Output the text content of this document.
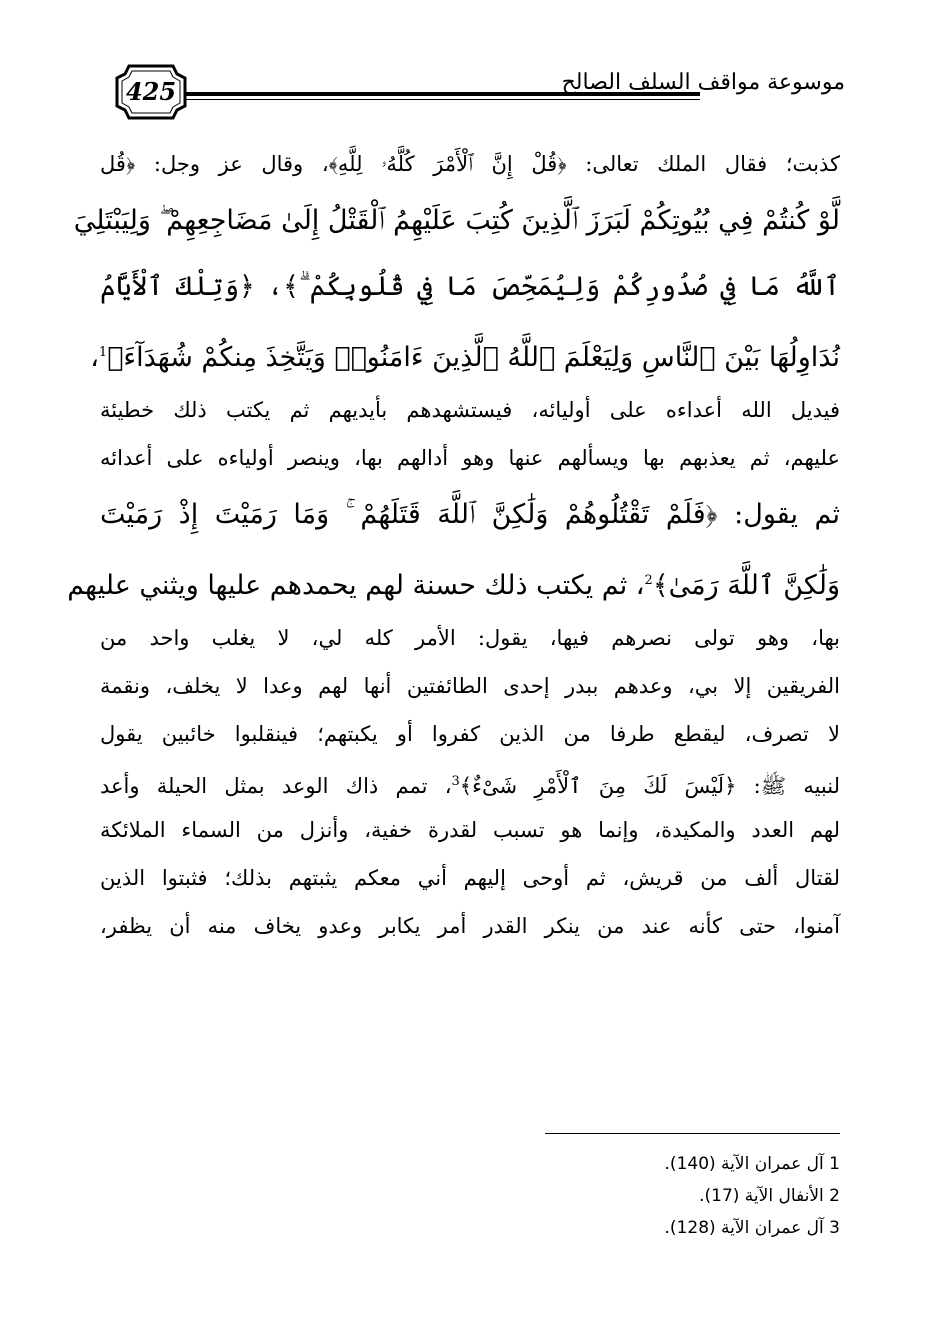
425	موسوعة مواقف السلف الصالح
كذبت؛ فقال الملك تعالى: ﴿قُلْ إِنَّ ٱلْأَمْرَ كُلَّهُۥ لِلَّهِ﴾، وقال عز وجل: ﴿قُل
لَّوْ كُنتُمْ فِي بُيُوتِكُمْ لَبَرَزَ ٱلَّذِينَ كُتِبَ عَلَيْهِمُ ٱلْقَتْلُ إِلَىٰ مَضَاجِعِهِمْ ۖ وَلِيَبْتَلِيَ
ٱللَّهُ مَا فِي صُدُورِكُمْ وَلِيُمَحِّصَ مَا فِي قُلُوبِكُمْ ۗ﴾، ﴿وَتِلْكَ ٱلْأَيَّامُ
نُدَاوِلُهَا بَيْنَ ٱلنَّاسِ وَلِيَعْلَمَ ٱللَّهُ ٱلَّذِينَ ءَامَنُوا۟ وَيَتَّخِذَ مِنكُمْ شُهَدَآءَ﴾$^1$،
فيديل الله أعداءه على أوليائه، فيستشهدهم بأيديهم ثم يكتب ذلك خطيئة
عليهم، ثم يعذبهم بها ويسألهم عنها وهو أدالهم بها، وينصر أولياءه على أعدائه
ثم يقول: ﴿فَلَمْ تَقْتُلُوهُمْ وَلَٰكِنَّ ٱللَّهَ قَتَلَهُمْ ۚ وَمَا رَمَيْتَ إِذْ رَمَيْتَ
وَلَٰكِنَّ ٱللَّهَ رَمَىٰ﴾$^2$، ثم يكتب ذلك حسنة لهم يحمدهم عليها ويثني عليهم
بها، وهو تولى نصرهم فيها، يقول: الأمر كله لي، لا يغلب واحد من
الفريقين إلا بي، وعدهم ببدر إحدى الطائفتين أنها لهم وعدا لا يخلف، ونقمة
لا تصرف، ليقطع طرفا من الذين كفروا أو يكبتهم؛ فينقلبوا خائبين يقول
لنبيه ﷺ: ﴿لَيْسَ لَكَ مِنَ ٱلْأَمْرِ شَىْءٌ﴾$^3$، تمم ذاك الوعد بمثل الحيلة وأعد
لهم العدد والمكيدة، وإنما هو تسبب لقدرة خفية، وأنزل من السماء الملائكة
لقتال ألف من قريش، ثم أوحى إليهم أني معكم يثبتهم بذلك؛ فثبتوا الذين
آمنوا، حتى كأنه عند من ينكر القدر أمر يكابر وعدو يخاف منه أن يظفر،
1 آل عمران الآية (140).
2 الأنفال الآية (17).
3 آل عمران الآية (128).
